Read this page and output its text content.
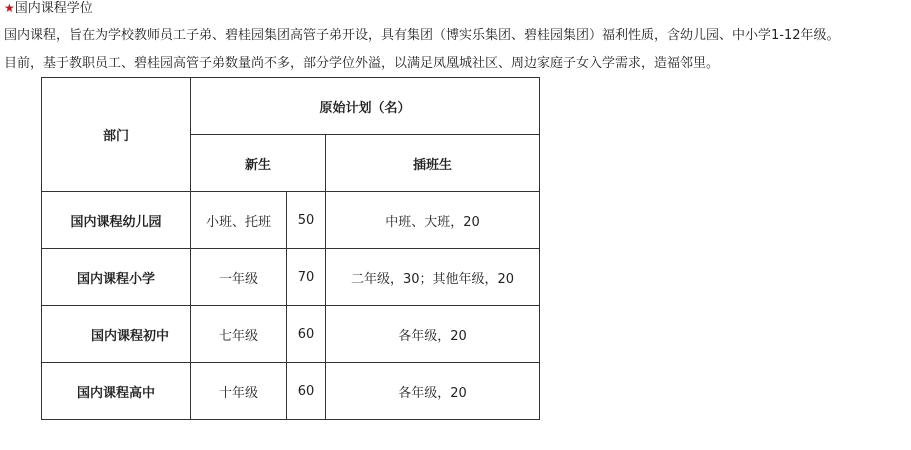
★国内课程学位
国内课程，旨在为学校教师员工子弟、碧桂园集团高管子弟开设，具有集团（博实乐集团、碧桂园集团）福利性质，含幼儿园、中小学1-12年级。
目前，基于教职员工、碧桂园高管子弟数量尚不多，部分学位外溢，以满足凤凰城社区、周边家庭子女入学需求，造福邻里。
部门	原始计划（名）		
	新生		插班生
国内课程幼儿园	小班、托班	50	中班、大班，20
国内课程小学	一年级	70	二年级，30；其他年级，20
国内课程初中	七年级	60	各年级，20
国内课程高中	十年级	60	各年级，20
